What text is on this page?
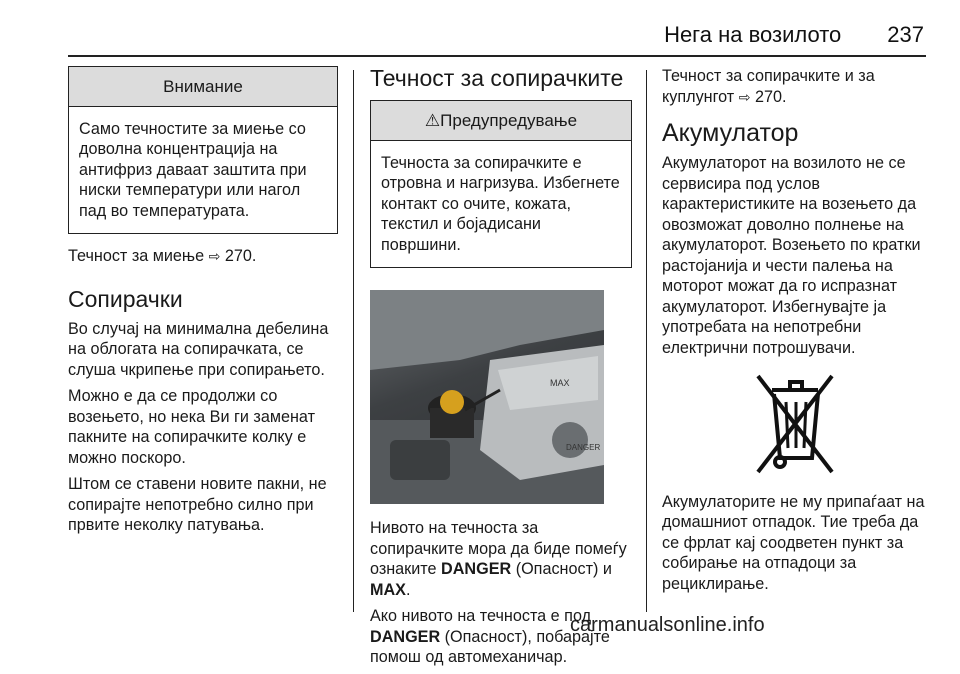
Нега на возилото 237
Внимание
Само течностите за миење со доволна концентрација на антифриз даваат заштита при ниски температури или нагол пад во температурата.

Течност за миење ⇨ 270.

Сопирачки

Во случај на минимална дебелина на облогата на сопирачката, се слуша чкрипење при сопирањето.

Можно е да се продолжи со возењето, но нека Ви ги заменат пакните на сопирачките колку е можно поскоро.

Штом се ставени новите пакни, не сопирајте непотребно силно при првите неколку патувања.

Течност за сопирачките
⚠Предупредување
Течноста за сопирачките е отровна и нагризува. Избегнете контакт со очите, кожата, текстил и бојадисани површини.
MAX
DANGER

Нивото на течноста за сопирачките мора да биде помеѓу ознаките DANGER (Опасност) и MAX.

Ако нивото на течноста е под DANGER (Опасност), побарајте помош од автомеханичар.

Течност за сопирачките и за куплунгот ⇨ 270.

Акумулатор

Акумулаторот на возилото не се сервисира под услов карактеристиките на возењето да овозможат доволно полнење на акумулаторот. Возењето по кратки растојанија и чести палења на моторот можат да го испразнат акумулаторот. Избегнувајте ја употребата на непотребни електрични потрошувачи.

Акумулаторите не му припаѓаат на домашниот отпадок. Тие треба да се фрлат кај соодветен пункт за собирање на отпадоци за рециклирање.

carmanualsonline.info
